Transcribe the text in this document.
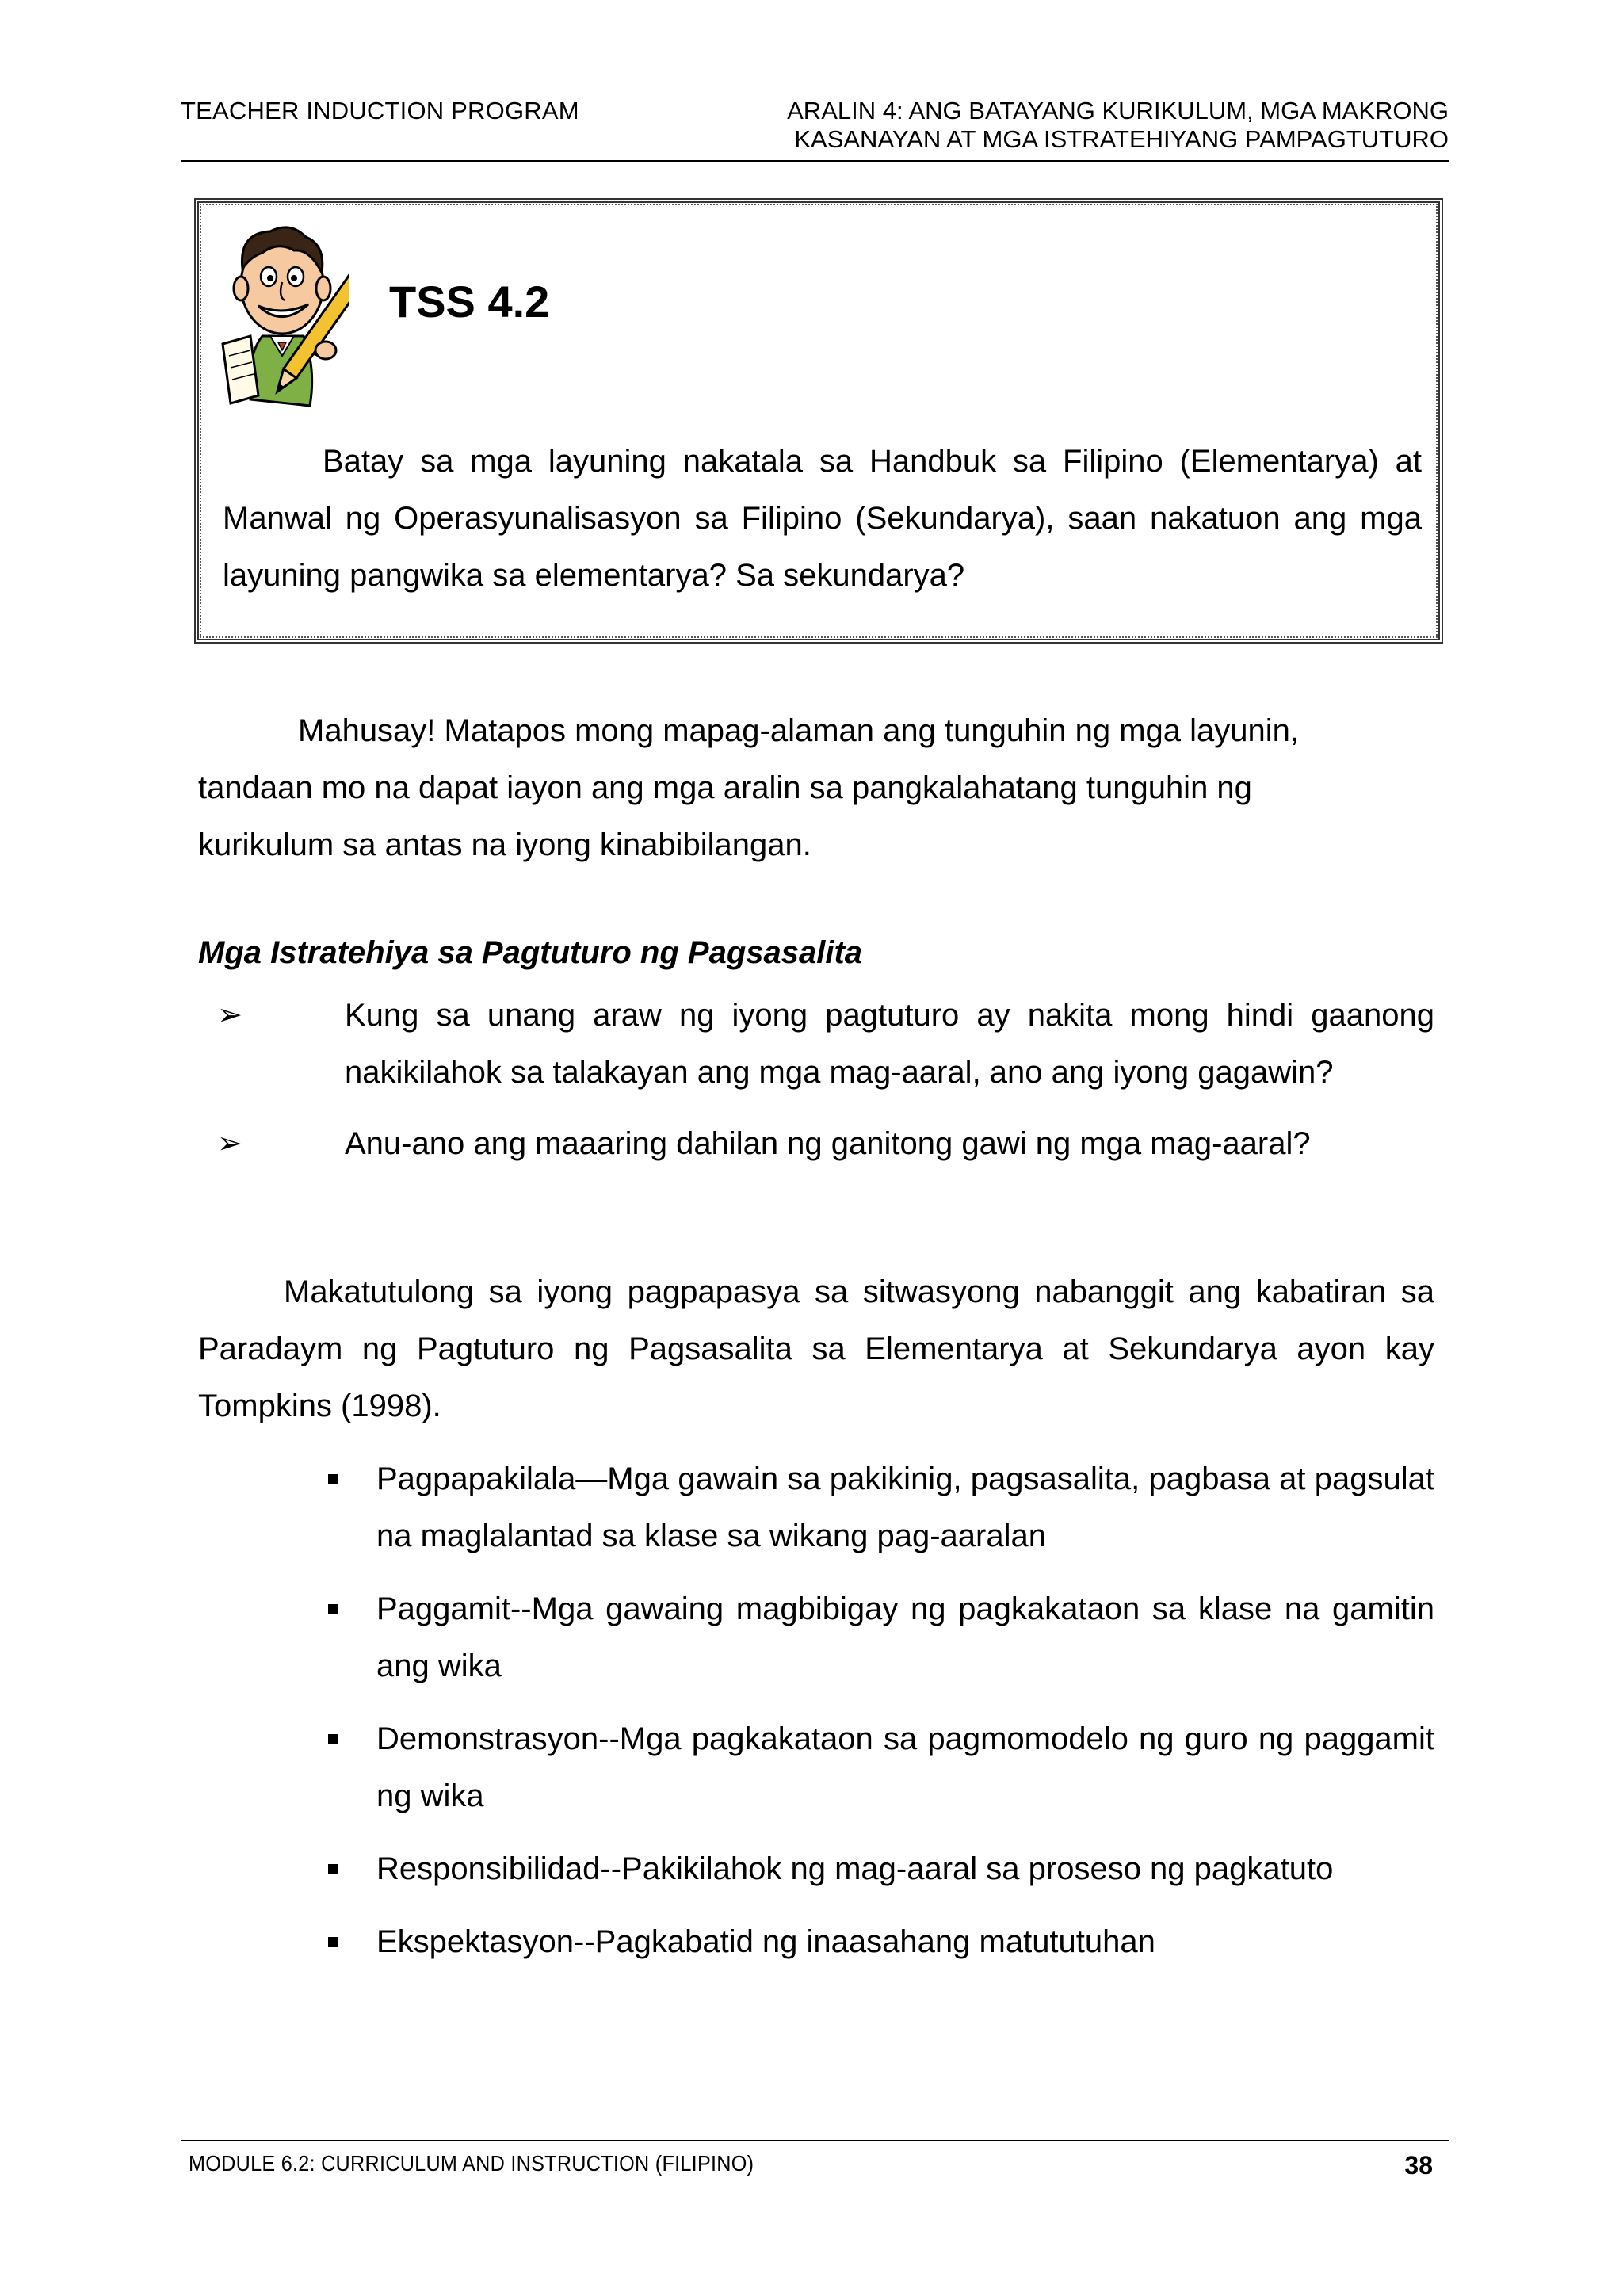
TEACHER INDUCTION PROGRAM	ARALIN 4: ANG BATAYANG KURIKULUM, MGA MAKRONG
KASANAYAN AT MGA ISTRATEHIYANG PAMPAGTUTURO
TSS 4.2
Batay sa mga layuning nakatala sa Handbuk sa Filipino (Elementarya) at Manwal ng Operasyunalisasyon sa Filipino (Sekundarya), saan nakatuon ang mga layuning pangwika sa elementarya? Sa sekundarya?
Mahusay! Matapos mong mapag-alaman ang tunguhin ng mga layunin,
tandaan mo na dapat iayon ang mga aralin sa pangkalahatang tunguhin ng
kurikulum sa antas na iyong kinabibilangan.
Mga Istratehiya sa Pagtuturo ng Pagsasalita
➢	Kung sa unang araw ng iyong pagtuturo ay nakita mong hindi gaanong nakikilahok sa talakayan ang mga mag-aaral, ano ang iyong gagawin?
➢	Anu-ano ang maaaring dahilan ng ganitong gawi ng mga mag-aaral?
Makatutulong sa iyong pagpapasya sa sitwasyong nabanggit ang kabatiran sa Paradaym ng Pagtuturo ng Pagsasalita sa Elementarya at Sekundarya ayon kay Tompkins (1998).
Pagpapakilala—Mga gawain sa pakikinig, pagsasalita, pagbasa at pagsulat na maglalantad sa klase sa wikang pag-aaralan
Paggamit--Mga gawaing magbibigay ng pagkakataon sa klase na gamitin ang wika
Demonstrasyon--Mga pagkakataon sa pagmomodelo ng guro ng paggamit ng wika
Responsibilidad--Pakikilahok ng mag-aaral sa proseso ng pagkatuto
Ekspektasyon--Pagkabatid ng inaasahang matututuhan
MODULE 6.2: CURRICULUM AND INSTRUCTION (FILIPINO)	38
